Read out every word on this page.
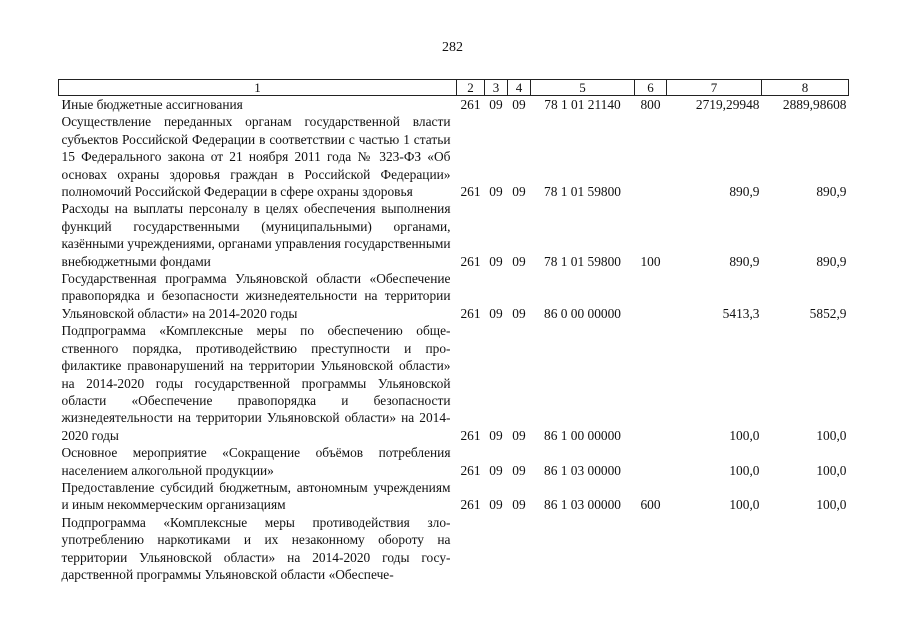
282
1	2	3	4	5	6	7	8
Иные бюджетные ассигнования	261	09	09	78 1 01 21140	800	2719,29948	2889,98608
Осуществление переданных органам государственной власти субъектов Российской Федерации в соответствии с частью 1 статьи 15 Федерального закона от 21 ноября 2011 года № 323-ФЗ «Об основах охраны здоровья граждан в Российской Федерации» полномочий Российской Федерации в сфере охраны здоровья	261	09	09	78 1 01 59800		890,9	890,9
Расходы на выплаты персоналу в целях обеспечения выполнения функций государственными (муниципальными) органами, казёнными учреждениями, органами управления государственными внебюджетными фондами	261	09	09	78 1 01 59800	100	890,9	890,9
Государственная программа Ульяновской области «Обеспечение правопорядка и безопасности жизнедеятельности на территории Ульяновской области» на 2014-2020 годы	261	09	09	86 0 00 00000		5413,3	5852,9
Подпрограмма «Комплексные меры по обеспечению общественного порядка, противодействию преступности и профилактике правонарушений на территории Ульяновской области» на 2014-2020 годы государственной программы Ульяновской области «Обеспечение правопорядка и безопасности жизнедеятельности на территории Ульяновской области» на 2014-2020 годы	261	09	09	86 1 00 00000		100,0	100,0
Основное мероприятие «Сокращение объёмов потребления населением алкогольной продукции»	261	09	09	86 1 03 00000		100,0	100,0
Предоставление субсидий бюджетным, автономным учреждениям и иным некоммерческим организациям	261	09	09	86 1 03 00000	600	100,0	100,0
Подпрограмма «Комплексные меры противодействия злоупотреблению наркотиками и их незаконному обороту на территории Ульяновской области» на 2014-2020 годы государственной программы Ульяновской области «Обеспече-							
